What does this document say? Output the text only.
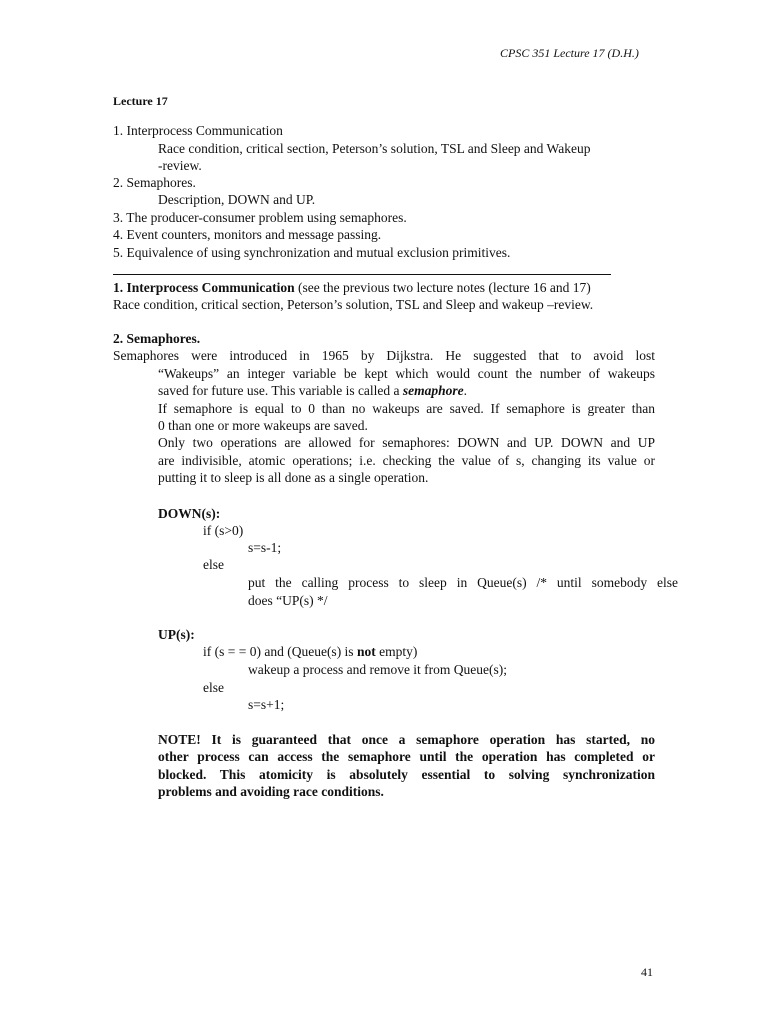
CPSC 351 Lecture 17 (D.H.)
Lecture 17
1. Interprocess Communication
Race condition, critical section, Peterson’s solution, TSL and Sleep and Wakeup
-review.
2. Semaphores.
Description, DOWN and UP.
3. The producer-consumer problem using semaphores.
4. Event counters, monitors and message passing.
5. Equivalence of using synchronization and mutual exclusion primitives.
1. Interprocess Communication (see the previous two lecture notes (lecture 16 and 17)
Race condition, critical section, Peterson’s solution, TSL and Sleep and wakeup –review.
2. Semaphores.
Semaphores were introduced in 1965 by Dijkstra. He suggested that to avoid lost
“Wakeups” an integer variable be kept which would count the number of wakeups
saved for future use. This variable is called a semaphore.
If semaphore is equal to 0 than no wakeups are saved. If semaphore is greater than
0 than one or more wakeups are saved.
Only two operations are allowed for semaphores: DOWN and UP. DOWN and UP
are indivisible, atomic operations; i.e. checking the value of s, changing its value or
putting it to sleep is all done as a single operation.
DOWN(s):
if (s>0)
s=s-1;
else
put the calling process to sleep in Queue(s) /* until somebody else
does “UP(s) */
UP(s):
if (s = = 0) and (Queue(s) is not empty)
wakeup a process and remove it from Queue(s);
else
s=s+1;
NOTE! It is guaranteed that once a semaphore operation has started, no
other process can access the semaphore until the operation has completed or
blocked. This atomicity is absolutely essential to solving synchronization
problems and avoiding race conditions.
41
